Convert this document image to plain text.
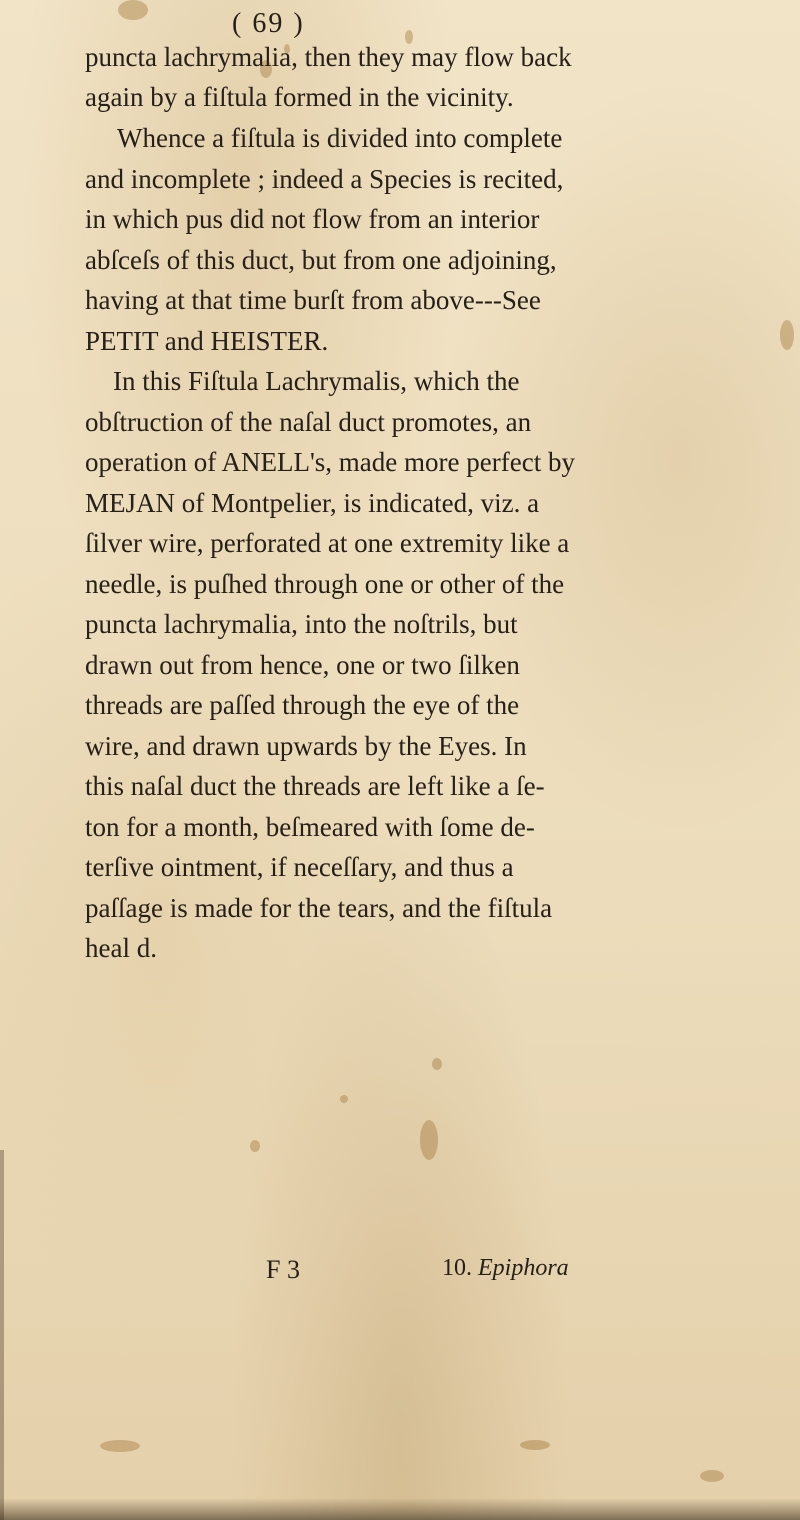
( 69 )
puncta lachrymalia, then they may flow back
again by a fiſtula formed in the vicinity.
Whence a fiſtula is divided into complete
and incomplete ; indeed a Species is recited,
in which pus did not flow from an interior
abſceſs of this duct, but from one adjoining,
having at that time burſt from above---See
PETIT and HEISTER.
In this Fiſtula Lachrymalis, which the
obſtruction of the naſal duct promotes, an
operation of ANELL's, made more perfect by
MEJAN of Montpelier, is indicated, viz. a
ſilver wire, perforated at one extremity like a
needle, is puſhed through one or other of the
puncta lachrymalia, into the noſtrils, but
drawn out from hence, one or two ſilken
threads are paſſed through the eye of the
wire, and drawn upwards by the Eyes. In
this naſal duct the threads are left like a ſe-
ton for a month, beſmeared with ſome de-
terſive ointment, if neceſſary, and thus a
paſſage is made for the tears, and the fiſtula
heal d.
F 3	10. Epiphora
